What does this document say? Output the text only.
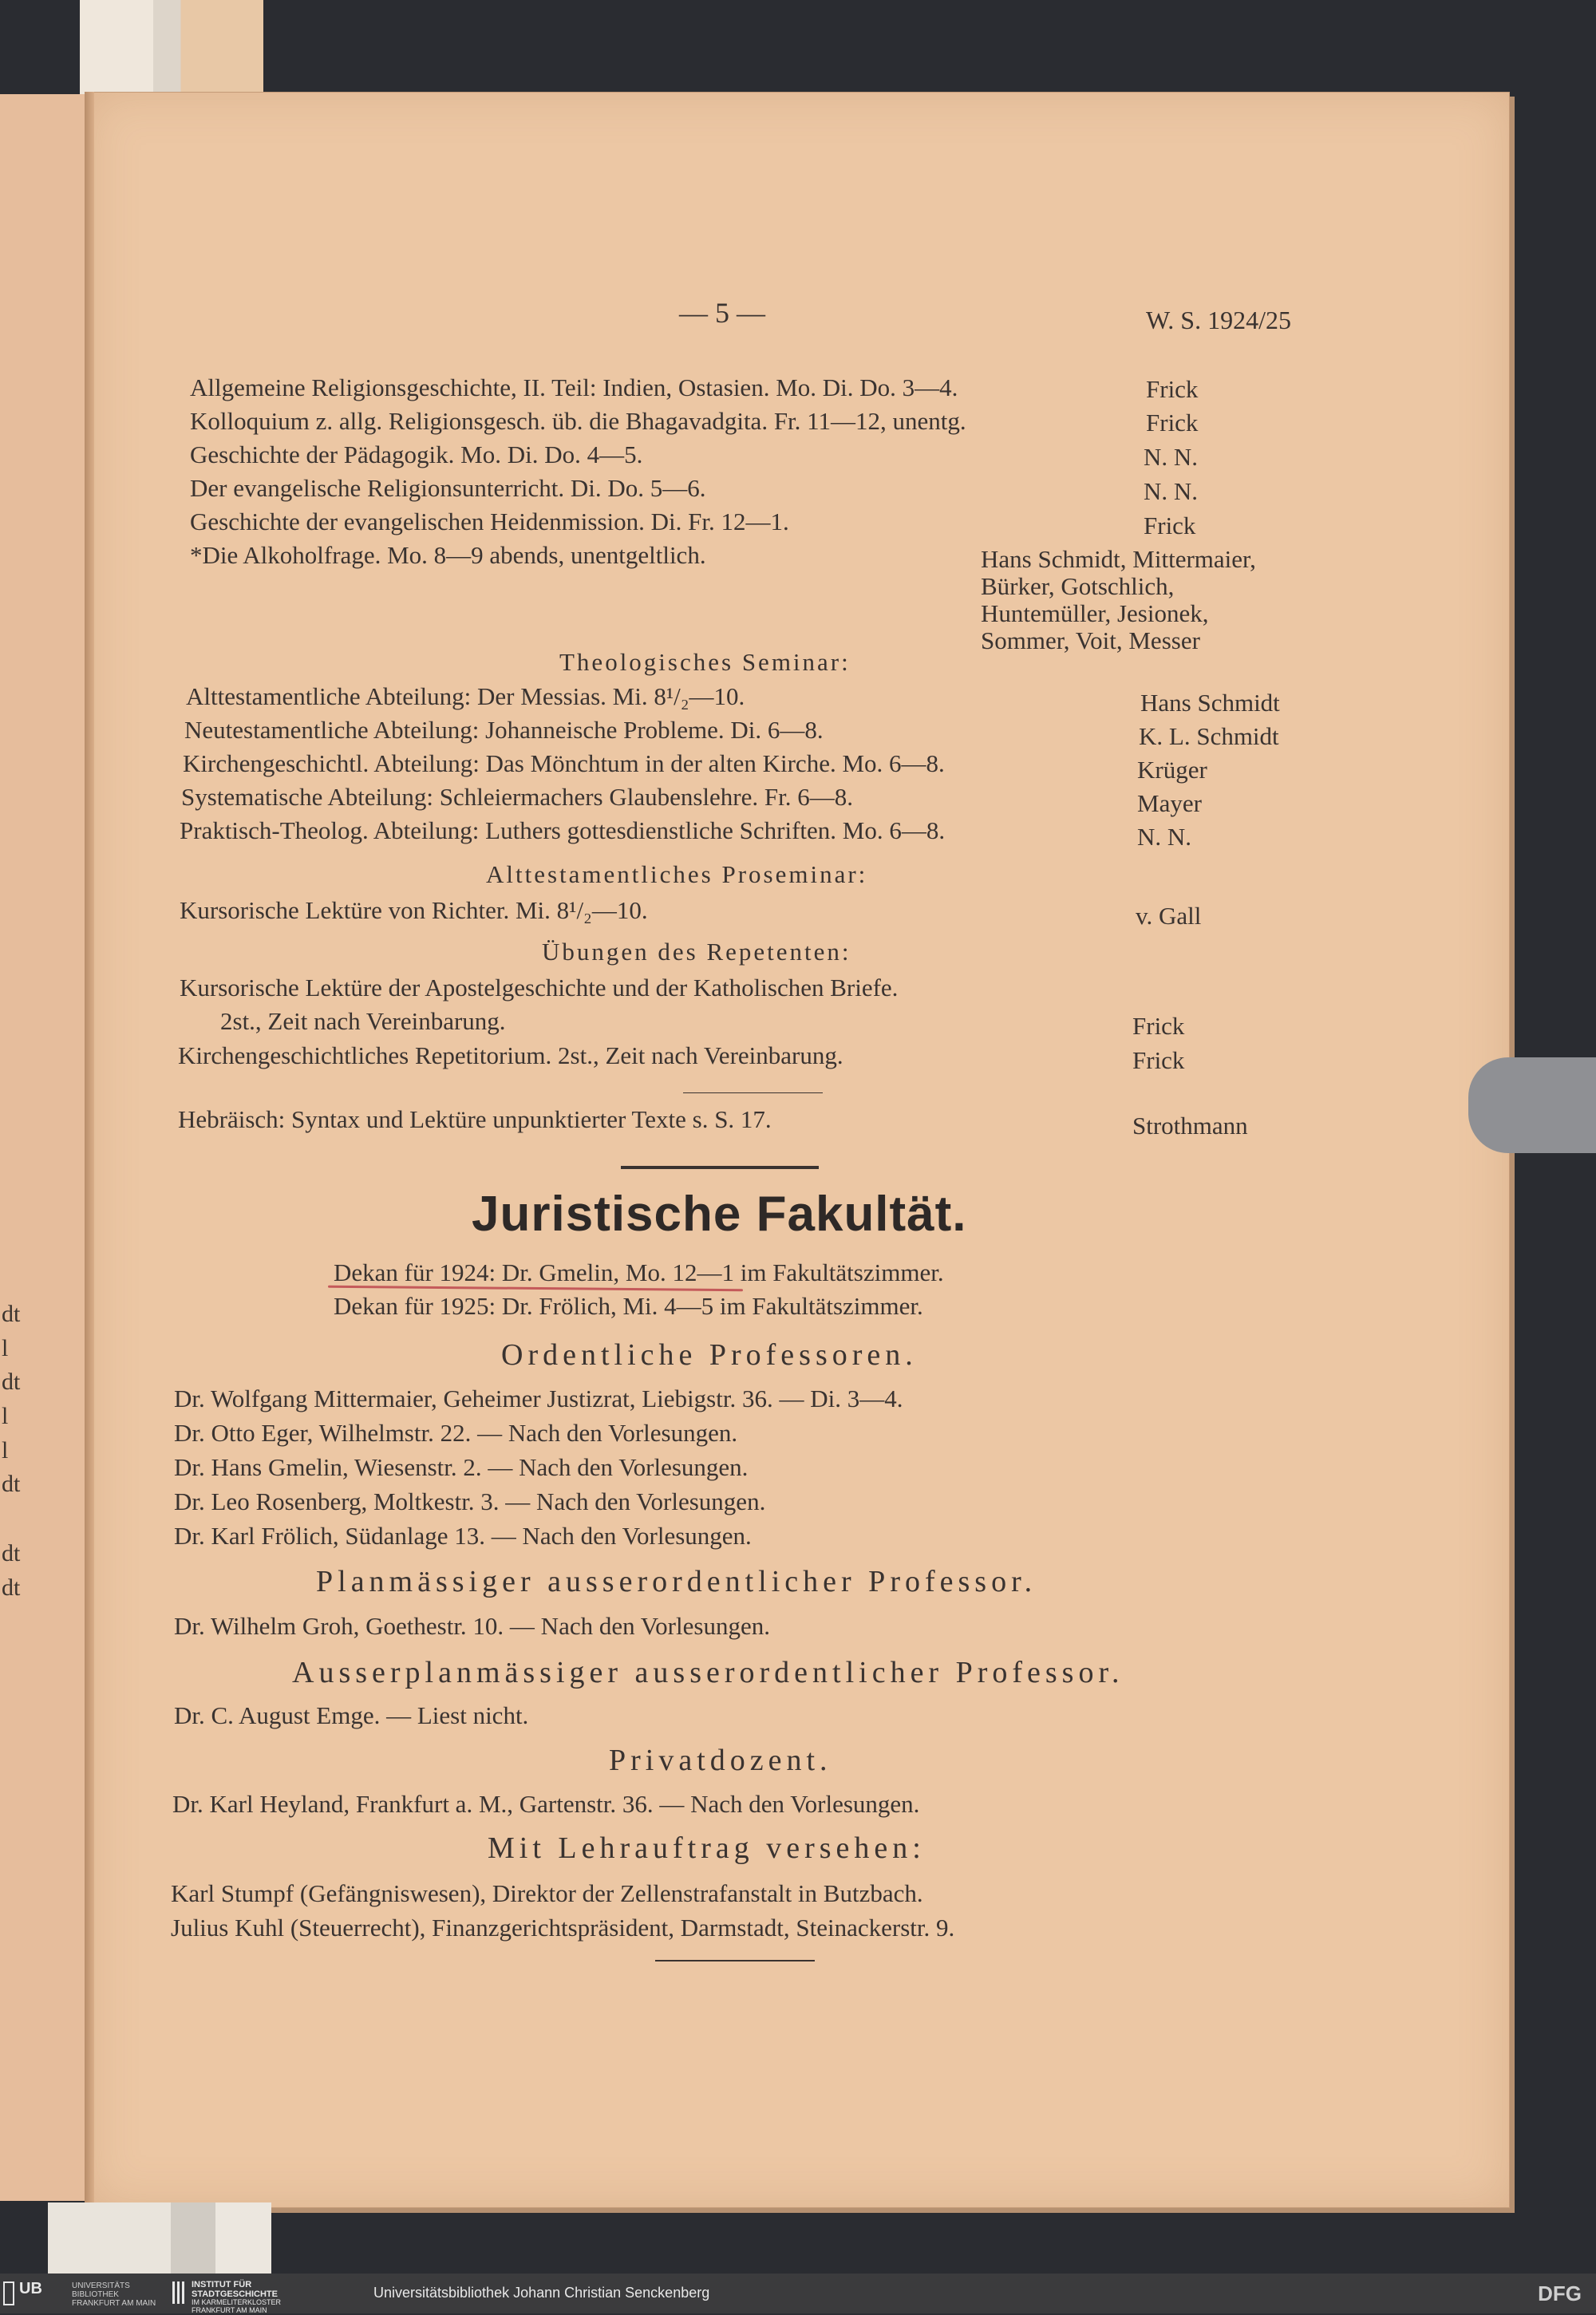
dt
l
dt
l
l
dt
dt
dt
— 5 —	W. S. 1924/25
Allgemeine Religionsgeschichte, II. Teil: Indien, Ostasien. Mo. Di. Do. 3—4.	Frick
Kolloquium z. allg. Religionsgesch. üb. die Bhagavadgita. Fr. 11—12, unentg.	Frick
Geschichte der Pädagogik. Mo. Di. Do. 4—5.	N. N.
Der evangelische Religionsunterricht. Di. Do. 5—6.	N. N.
Geschichte der evangelischen Heidenmission. Di. Fr. 12—1.	Frick
*Die Alkoholfrage. Mo. 8—9 abends, unentgeltlich.	Hans Schmidt, Mittermaier,
Bürker, Gotschlich,
Huntemüller, Jesionek,
Sommer, Voit, Messer
Theologisches Seminar:
Alttestamentliche Abteilung: Der Messias. Mi. 8¹/₂—10.	Hans Schmidt
Neutestamentliche Abteilung: Johanneische Probleme. Di. 6—8.	K. L. Schmidt
Kirchengeschichtl. Abteilung: Das Mönchtum in der alten Kirche. Mo. 6—8.	Krüger
Systematische Abteilung: Schleiermachers Glaubenslehre. Fr. 6—8.	Mayer
Praktisch-Theolog. Abteilung: Luthers gottesdienstliche Schriften. Mo. 6—8.	N. N.
Alttestamentliches Proseminar:
Kursorische Lektüre von Richter. Mi. 8¹/₂—10.	v. Gall
Übungen des Repetenten:
Kursorische Lektüre der Apostelgeschichte und der Katholischen Briefe.
2st., Zeit nach Vereinbarung.	Frick
Kirchengeschichtliches Repetitorium. 2st., Zeit nach Vereinbarung.	Frick
Hebräisch: Syntax und Lektüre unpunktierter Texte s. S. 17.	Strothmann
Juristische Fakultät.
Dekan für 1924: Dr. Gmelin, Mo. 12—1 im Fakultätszimmer.
Dekan für 1925: Dr. Frölich, Mi. 4—5 im Fakultätszimmer.
Ordentliche Professoren.
Dr. Wolfgang Mittermaier, Geheimer Justizrat, Liebigstr. 36. — Di. 3—4.
Dr. Otto Eger, Wilhelmstr. 22. — Nach den Vorlesungen.
Dr. Hans Gmelin, Wiesenstr. 2. — Nach den Vorlesungen.
Dr. Leo Rosenberg, Moltkestr. 3. — Nach den Vorlesungen.
Dr. Karl Frölich, Südanlage 13. — Nach den Vorlesungen.
Planmässiger ausserordentlicher Professor.
Dr. Wilhelm Groh, Goethestr. 10. — Nach den Vorlesungen.
Ausserplanmässiger ausserordentlicher Professor.
Dr. C. August Emge. — Liest nicht.
Privatdozent.
Dr. Karl Heyland, Frankfurt a. M., Gartenstr. 36. — Nach den Vorlesungen.
Mit Lehrauftrag versehen:
Karl Stumpf (Gefängniswesen), Direktor der Zellenstrafanstalt in Butzbach.
Julius Kuhl (Steuerrecht), Finanzgerichtspräsident, Darmstadt, Steinackerstr. 9.
UB	UNIVERSITÄTS
BIBLIOTHEK
FRANKFURT AM MAIN
INSTITUT FÜR
STADTGESCHICHTE
IM KARMELITERKLOSTER
FRANKFURT AM MAIN
Universitätsbibliothek Johann Christian Senckenberg	DFG
